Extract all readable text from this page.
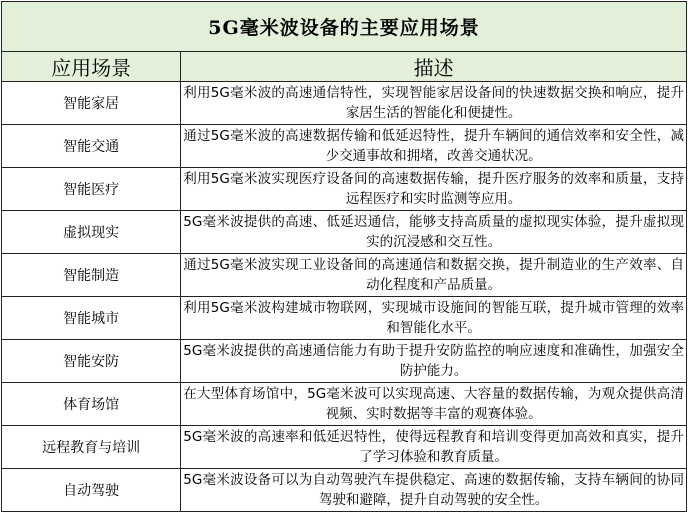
5G毫米波设备的主要应用场景	
应用场景	描述
智能家居	利用5G毫米波的高速通信特性，实现智能家居设备间的快速数据交换和响应，提升家居生活的智能化和便捷性。
智能交通	通过5G毫米波的高速数据传输和低延迟特性，提升车辆间的通信效率和安全性，减少交通事故和拥堵，改善交通状况。
智能医疗	利用5G毫米波实现医疗设备间的高速数据传输，提升医疗服务的效率和质量，支持远程医疗和实时监测等应用。
虚拟现实	5G毫米波提供的高速、低延迟通信，能够支持高质量的虚拟现实体验，提升虚拟现实的沉浸感和交互性。
智能制造	通过5G毫米波实现工业设备间的高速通信和数据交换，提升制造业的生产效率、自动化程度和产品质量。
智能城市	利用5G毫米波构建城市物联网，实现城市设施间的智能互联，提升城市管理的效率和智能化水平。
智能安防	5G毫米波提供的高速通信能力有助于提升安防监控的响应速度和准确性，加强安全防护能力。
体育场馆	在大型体育场馆中，5G毫米波可以实现高速、大容量的数据传输，为观众提供高清视频、实时数据等丰富的观赛体验。
远程教育与培训	5G毫米波的高速率和低延迟特性，使得远程教育和培训变得更加高效和真实，提升了学习体验和教育质量。
自动驾驶	5G毫米波设备可以为自动驾驶汽车提供稳定、高速的数据传输，支持车辆间的协同驾驶和避障，提升自动驾驶的安全性。
